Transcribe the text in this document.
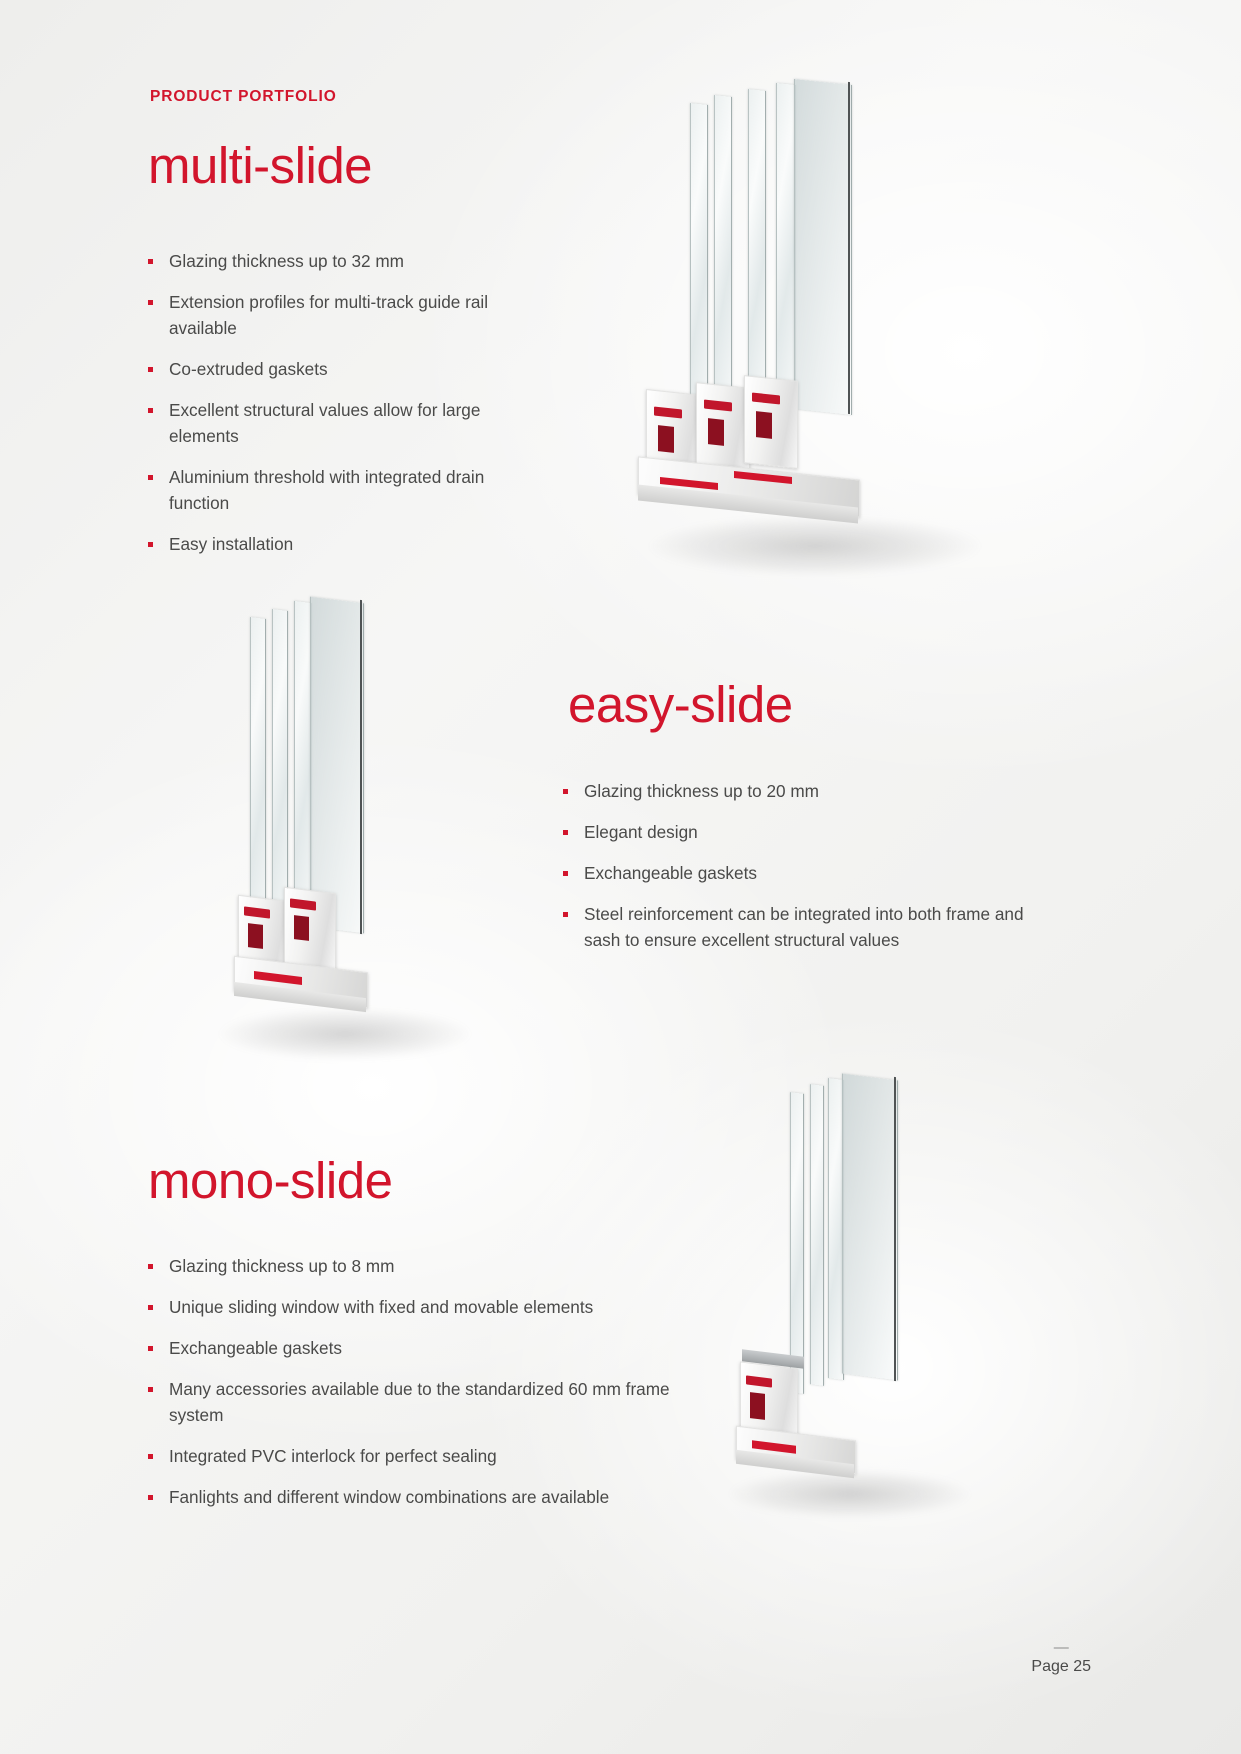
PRODUCT PORTFOLIO
multi-slide
Glazing thickness up to 32 mm
Extension profiles for multi-track guide rail available
Co-extruded gaskets
Excellent structural values allow for large elements
Aluminium threshold with integrated drain function
Easy installation
easy-slide
Glazing thickness up to 20 mm
Elegant design
Exchangeable gaskets
Steel reinforcement can be integrated into both frame and sash to ensure excellent structural values
mono-slide
Glazing thickness up to 8 mm
Unique sliding window with fixed and movable elements
Exchangeable gaskets
Many accessories available due to the standardized 60 mm frame system
Integrated PVC interlock for perfect sealing
Fanlights and different window combinations are available
—
Page 25
